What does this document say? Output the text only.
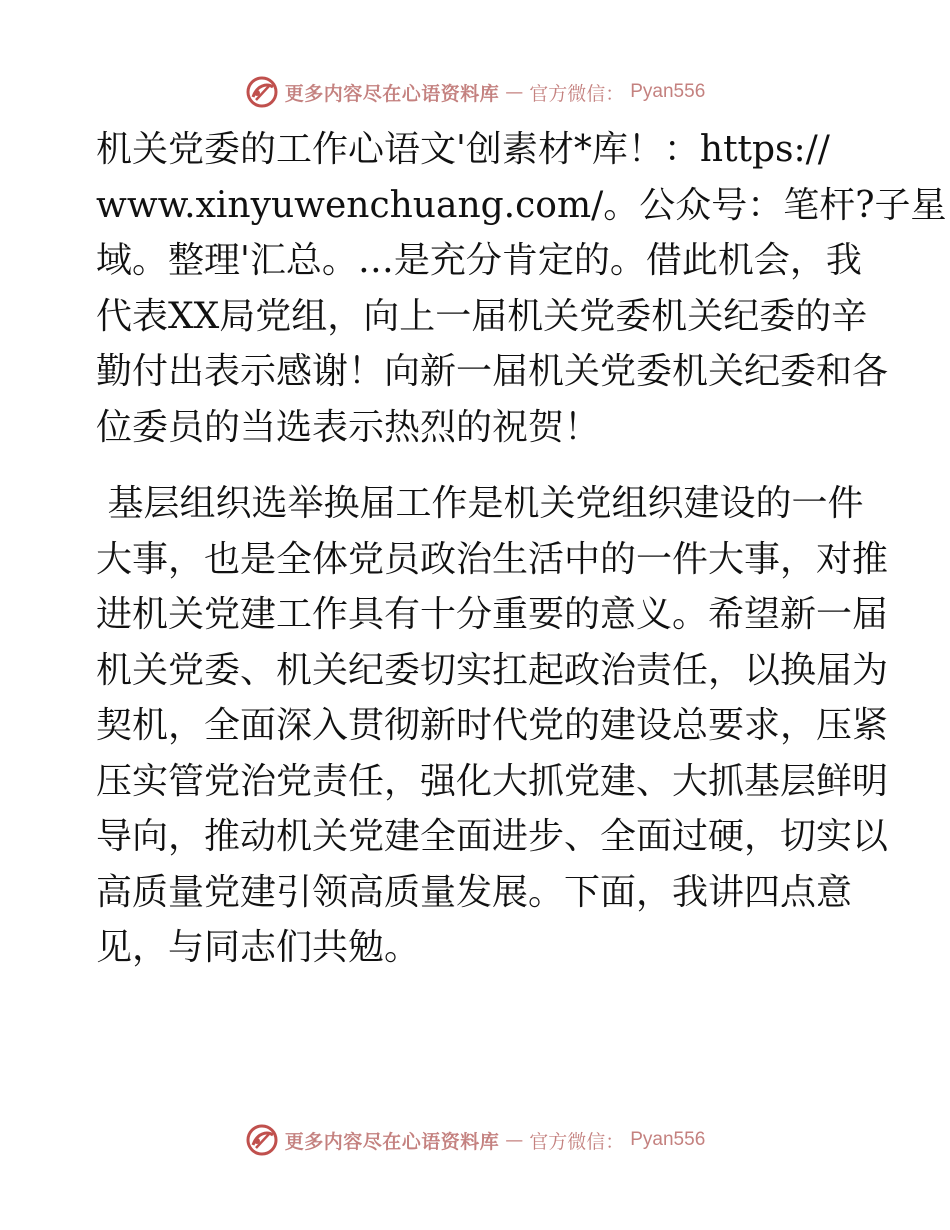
更多内容尽在心语资料库 — 官方微信： Pyan556
机关党委的工作心语文'创素材*库！：https://
www.xinyuwenchuang.com/。公众号：笔杆?子星
域。整理'汇总。…是充分肯定的。借此机会，我
代表XX局党组，向上一届机关党委机关纪委的辛
勤付出表示感谢！向新一届机关党委机关纪委和各
位委员的当选表示热烈的祝贺！
基层组织选举换届工作是机关党组织建设的一件
大事，也是全体党员政治生活中的一件大事，对推
进机关党建工作具有十分重要的意义。希望新一届
机关党委、机关纪委切实扛起政治责任，以换届为
契机，全面深入贯彻新时代党的建设总要求，压紧
压实管党治党责任，强化大抓党建、大抓基层鲜明
导向，推动机关党建全面进步、全面过硬，切实以
高质量党建引领高质量发展。下面，我讲四点意
见，与同志们共勉。
更多内容尽在心语资料库 — 官方微信： Pyan556
